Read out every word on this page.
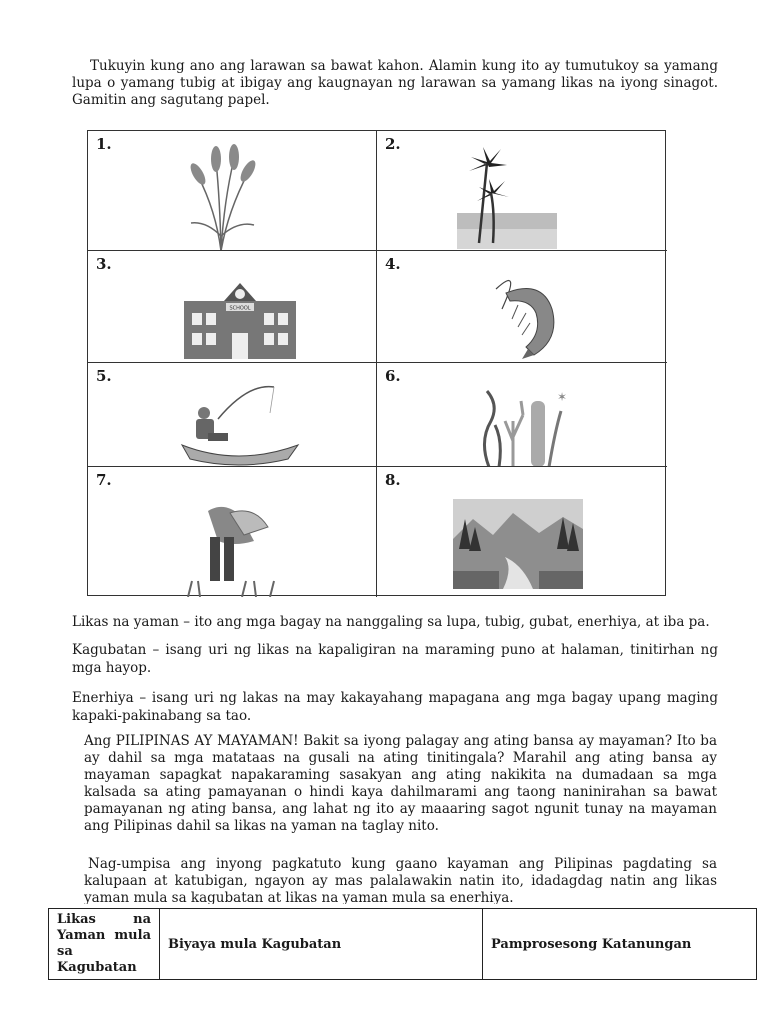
Tukuyin kung ano ang larawan sa bawat kahon. Alamin kung ito ay tumutukoy sa yamang lupa o yamang tubig at ibigay ang kaugnayan ng larawan sa yamang likas na iyong sinagot. Gamitin ang sagutang papel.

1.	2.
3.
SCHOOL
4.
5.	6.
✶
7.	8.
Likas na yaman – ito ang mga bagay na nanggaling sa lupa, tubig, gubat, enerhiya, at iba pa.
Kagubatan – isang uri ng likas na kapaligiran na maraming puno at halaman, tinitirhan ng mga hayop.
Enerhiya – isang uri ng lakas na may kakayahang mapagana ang mga bagay upang maging kapaki-pakinabang sa tao.

Ang PILIPINAS AY MAYAMAN! Bakit sa iyong palagay ang ating bansa ay mayaman? Ito ba ay dahil sa mga matataas na gusali na ating tinitingala? Marahil ang ating bansa ay mayaman sapagkat napakaraming sasakyan ang ating nakikita na dumadaan sa mga kalsada sa ating pamayanan o hindi kaya dahilmarami ang taong naninirahan sa bawat pamayanan ng ating bansa, ang lahat ng ito ay maaaring sagot ngunit tunay na mayaman ang Pilipinas dahil sa likas na yaman na taglay nito.

Nag-umpisa ang inyong pagkatuto kung gaano kayaman ang Pilipinas pagdating sa kalupaan at katubigan, ngayon ay mas palalawakin natin ito, idadagdag natin ang likas yaman mula sa kagubatan at likas na yaman mula sa enerhiya.

Likas na Yaman mula sa Kagubatan	Biyaya mula Kagubatan	Pamprosesong Katanungan
